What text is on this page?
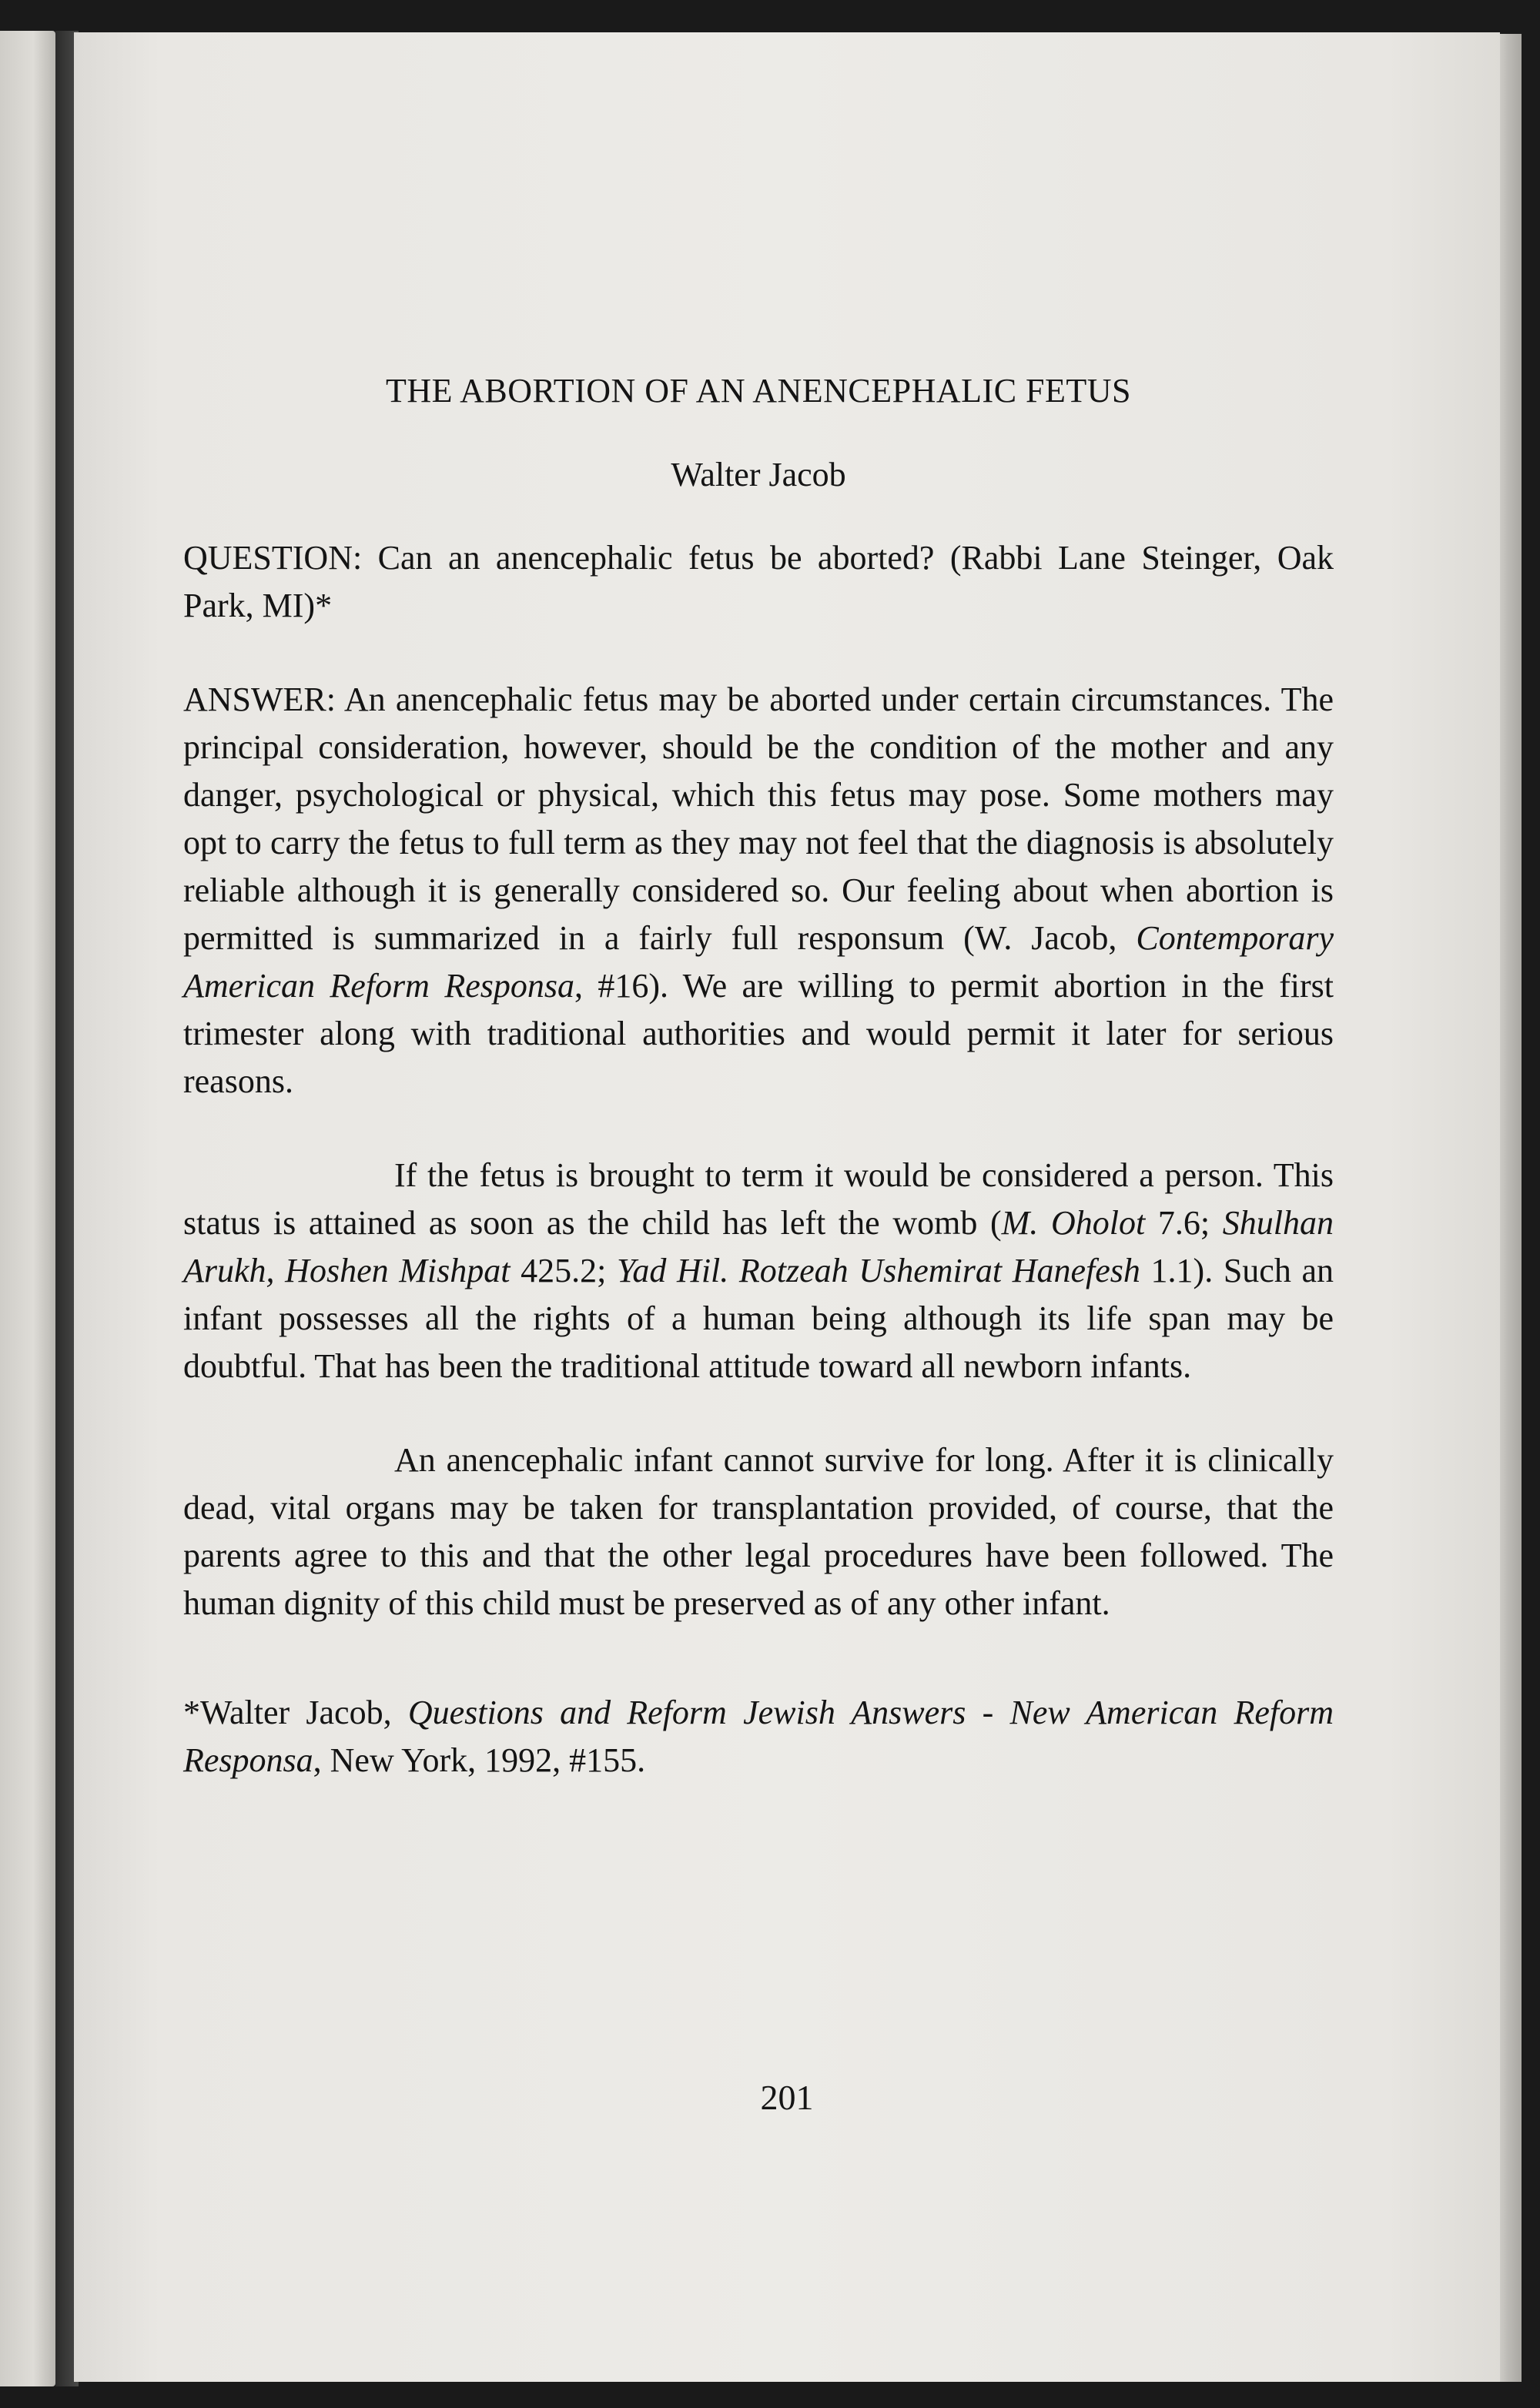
THE ABORTION OF AN ANENCEPHALIC FETUS

Walter Jacob

QUESTION: Can an anencephalic fetus be aborted? (Rabbi Lane Steinger, Oak Park, MI)*

ANSWER: An anencephalic fetus may be aborted under certain circumstances. The principal consideration, however, should be the condition of the mother and any danger, psychological or physical, which this fetus may pose. Some mothers may opt to carry the fetus to full term as they may not feel that the diagnosis is absolutely reliable although it is generally considered so. Our feeling about when abortion is permitted is summarized in a fairly full responsum (W. Jacob, Contemporary American Reform Responsa, #16). We are willing to permit abortion in the first trimester along with traditional authorities and would permit it later for serious reasons.

If the fetus is brought to term it would be considered a person. This status is attained as soon as the child has left the womb (M. Oholot 7.6; Shulhan Arukh, Hoshen Mishpat 425.2; Yad Hil. Rotzeah Ushemirat Hanefesh 1.1). Such an infant possesses all the rights of a human being although its life span may be doubtful. That has been the traditional attitude toward all newborn infants.

An anencephalic infant cannot survive for long. After it is clinically dead, vital organs may be taken for transplantation provided, of course, that the parents agree to this and that the other legal procedures have been followed. The human dignity of this child must be preserved as of any other infant.

*Walter Jacob, Questions and Reform Jewish Answers - New American Reform Responsa, New York, 1992, #155.

201
